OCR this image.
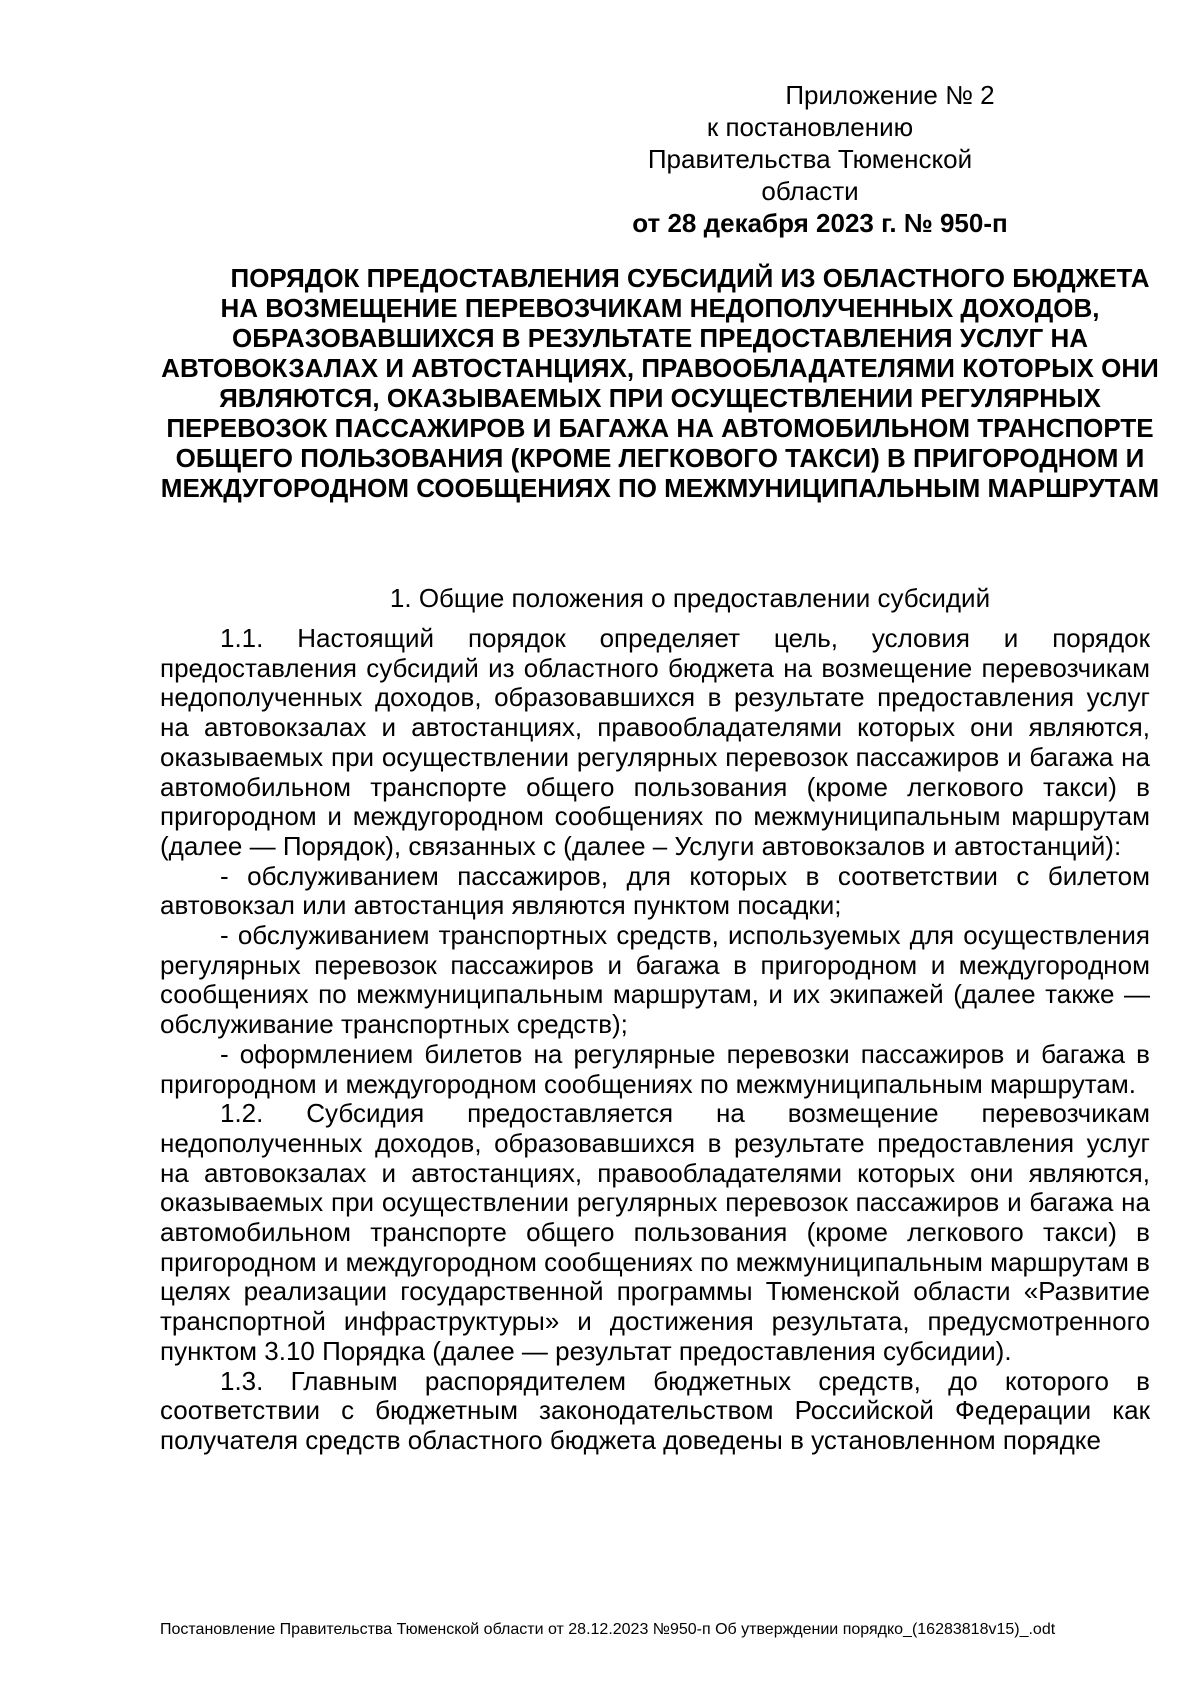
Приложение № 2
к постановлению Правительства Тюменской области
от 28 декабря 2023 г. № 950-п
ПОРЯДОК ПРЕДОСТАВЛЕНИЯ СУБСИДИЙ ИЗ ОБЛАСТНОГО БЮДЖЕТА НА ВОЗМЕЩЕНИЕ ПЕРЕВОЗЧИКАМ НЕДОПОЛУЧЕННЫХ ДОХОДОВ, ОБРАЗОВАВШИХСЯ В РЕЗУЛЬТАТЕ ПРЕДОСТАВЛЕНИЯ УСЛУГ НА АВТОВОКЗАЛАХ И АВТОСТАНЦИЯХ, ПРАВООБЛАДАТЕЛЯМИ КОТОРЫХ ОНИ ЯВЛЯЮТСЯ, ОКАЗЫВАЕМЫХ ПРИ ОСУЩЕСТВЛЕНИИ РЕГУЛЯРНЫХ ПЕРЕВОЗОК ПАССАЖИРОВ И БАГАЖА НА АВТОМОБИЛЬНОМ ТРАНСПОРТЕ ОБЩЕГО ПОЛЬЗОВАНИЯ (КРОМЕ ЛЕГКОВОГО ТАКСИ) В ПРИГОРОДНОМ И МЕЖДУГОРОДНОМ СООБЩЕНИЯХ ПО МЕЖМУНИЦИПАЛЬНЫМ МАРШРУТАМ
1. Общие положения о предоставлении субсидий

1.1. Настоящий порядок определяет цель, условия и порядок предоставления субсидий из областного бюджета на возмещение перевозчикам недополученных доходов, образовавшихся в результате предоставления услуг на автовокзалах и автостанциях, правообладателями которых они являются, оказываемых при осуществлении регулярных перевозок пассажиров и багажа на автомобильном транспорте общего пользования (кроме легкового такси) в пригородном и междугородном сообщениях по межмуниципальным маршрутам (далее — Порядок), связанных с (далее – Услуги автовокзалов и автостанций):

- обслуживанием пассажиров, для которых в соответствии с билетом автовокзал или автостанция являются пунктом посадки;

- обслуживанием транспортных средств, используемых для осуществления регулярных перевозок пассажиров и багажа в пригородном и междугородном сообщениях по межмуниципальным маршрутам, и их экипажей (далее также — обслуживание транспортных средств);

- оформлением билетов на регулярные перевозки пассажиров и багажа в пригородном и междугородном сообщениях по межмуниципальным маршрутам.

1.2. Субсидия предоставляется на возмещение перевозчикам недополученных доходов, образовавшихся в результате предоставления услуг на автовокзалах и автостанциях, правообладателями которых они являются, оказываемых при осуществлении регулярных перевозок пассажиров и багажа на автомобильном транспорте общего пользования (кроме легкового такси) в пригородном и междугородном сообщениях по межмуниципальным маршрутам в целях реализации государственной программы Тюменской области «Развитие транспортной инфраструктуры» и достижения результата, предусмотренного пунктом 3.10 Порядка (далее — результат предоставления субсидии).

1.3. Главным распорядителем бюджетных средств, до которого в соответствии с бюджетным законодательством Российской Федерации как получателя средств областного бюджета доведены в установленном порядке

Постановление Правительства Тюменской области от 28.12.2023 №950-п Об утверждении порядко_(16283818v15)_.odt
